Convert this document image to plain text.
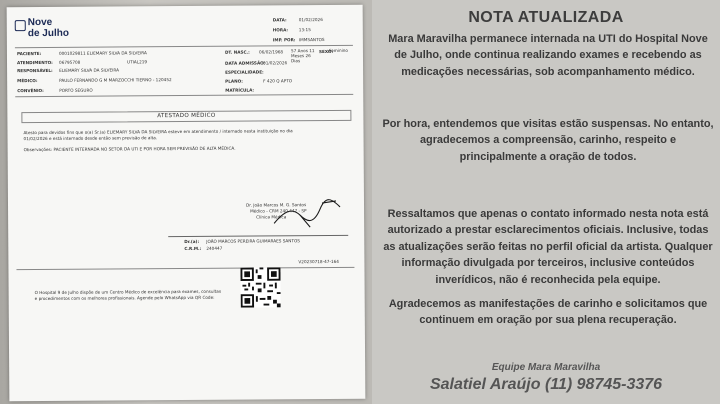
Nove
de Julho
DATA:	01/02/2026
HORA:	13:15
IMP. POR: IMMSANTOS
PACIENTE:	0001029811 ELIEMARY SILVA DA SILVEIRA
ATENDIMENTO: 06795708	UTIAL219
RESPONSÁVEL: ELIEMARY SILVA DA SILVEIRA
MÉDICO:	PAULO FERNANDO G M MARZOCCHI TIERNO - 120452
CONVÊNIO:	PORTO SEGURO
DT. NASC.: 06/02/1968 57 Anos 11 Meses 26 Dias
SEXO:
Feminino
DATA ADMISSÃO:
01/02/2026
ESPECIALIDADE:
PLANO:	F 420 Q APTO
MATRÍCULA:
ATESTADO MÉDICO
Atesto para devidos fins que o(a) Sr.(a) ELIEMARY SILVA DA SILVEIRA esteve em atendimento / internado nesta instituição no dia
01/02/2026 e está internado desde então sem previsão de alta.
Observações: PACIENTE INTERNADA NO SETOR DA UTI E POR HORA SEM PREVISÃO DE ALTA MÉDICA.
Dr. João Marcos M. G. Santos
Médico - CRM 240.447 - SP
Clínica Médica
Dr.(a): JOÃO MARCOS PEREIRA GUIMARAES SANTOS
C.R.M.: 240447
V20230718-47-164
O Hospital 9 de Julho dispõe de um Centro Médico de excelência para exames, consultas
e procedimentos com os melhores profissionais. Agende pelo WhatsApp via QR Code:
NOTA ATUALIZADA
Mara Maravilha permanece internada na UTI do Hospital Nove de Julho, onde continua realizando exames e recebendo as medicações necessárias, sob acompanhamento médico.
Por hora, entendemos que visitas estão suspensas. No entanto, agradecemos a compreensão, carinho, respeito e principalmente a oração de todos.
Ressaltamos que apenas o contato informado nesta nota está autorizado a prestar esclarecimentos oficiais. Inclusive, todas as atualizações serão feitas no perfil oficial da artista. Qualquer informação divulgada por terceiros, inclusive conteúdos inverídicos, não é reconhecida pela equipe.
Agradecemos as manifestações de carinho e solicitamos que continuem em oração por sua plena recuperação.
Equipe Mara Maravilha
Salatiel Araújo (11) 98745-3376
